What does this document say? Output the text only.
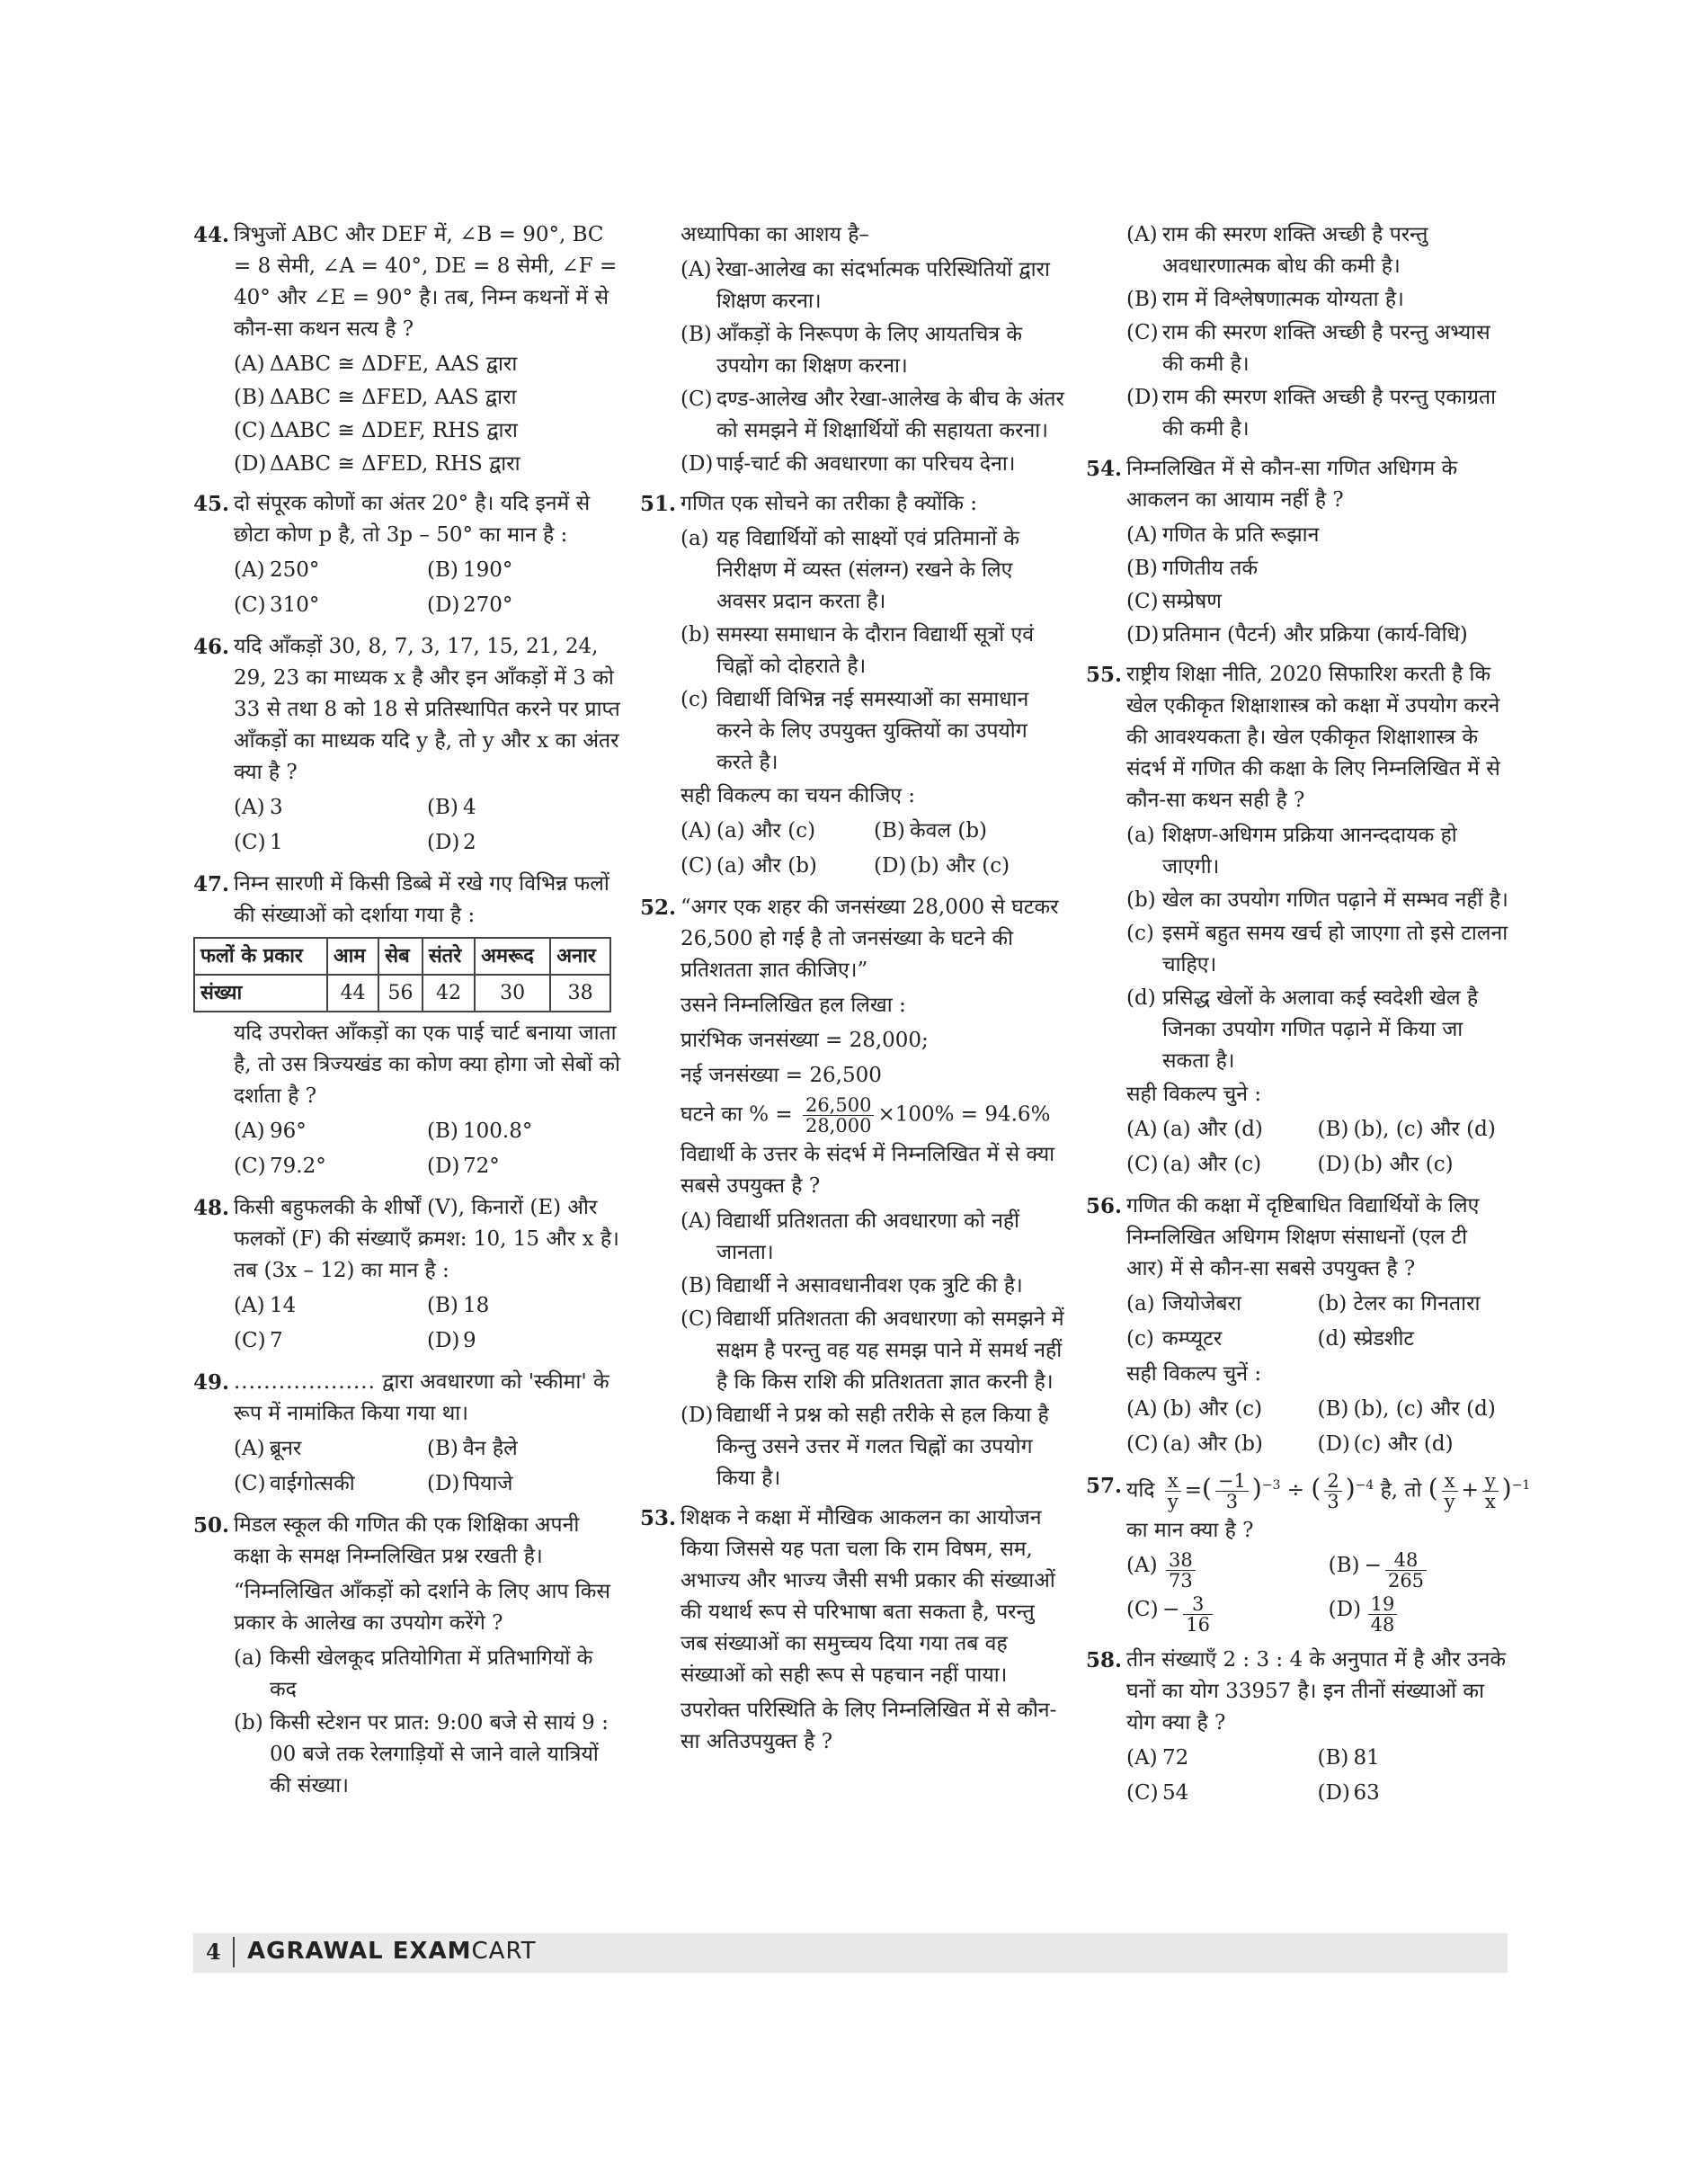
44. त्रिभुजों ABC और DEF में, ∠B = 90°, BC = 8 सेमी, ∠A = 40°, DE = 8 सेमी, ∠F = 40° और ∠E = 90° है। तब, निम्न कथनों में से कौन-सा कथन सत्य है ?
(A) ΔABC ≅ ΔDFE, AAS द्वारा
(B) ΔABC ≅ ΔFED, AAS द्वारा
(C) ΔABC ≅ ΔDEF, RHS द्वारा
(D) ΔABC ≅ ΔFED, RHS द्वारा
45. दो संपूरक कोणों का अंतर 20° है। यदि इनमें से छोटा कोण p है, तो 3p – 50° का मान है :
(A) 250°	(B) 190°
(C) 310°	(D) 270°
46. यदि आँकड़ों 30, 8, 7, 3, 17, 15, 21, 24, 29, 23 का माध्यक x है और इन आँकड़ों में 3 को 33 से तथा 8 को 18 से प्रतिस्थापित करने पर प्राप्त आँकड़ों का माध्यक यदि y है, तो y और x का अंतर क्या है ?
(A) 3	(B) 4
(C) 1	(D) 2
47. निम्न सारणी में किसी डिब्बे में रखे गए विभिन्न फलों की संख्याओं को दर्शाया गया है :
फलों के प्रकार	आम	सेब	संतरे	अमरूद	अनार
संख्या	44	56	42	30	38
यदि उपरोक्त आँकड़ों का एक पाई चार्ट बनाया जाता है, तो उस त्रिज्यखंड का कोण क्या होगा जो सेबों को दर्शाता है ?
(A) 96°	(B) 100.8°
(C) 79.2°	(D) 72°
48. किसी बहुफलकी के शीर्षों (V), किनारों (E) और फलकों (F) की संख्याएँ क्रमश: 10, 15 और x है। तब (3x – 12) का मान है :
(A) 14	(B) 18
(C) 7	(D) 9
49. ................... द्वारा अवधारणा को 'स्कीमा' के रूप में नामांकित किया गया था।
(A) ब्रूनर	(B) वैन हैले
(C) वाईगोत्सकी	(D) पियाजे
50. मिडल स्कूल की गणित की एक शिक्षिका अपनी कक्षा के समक्ष निम्नलिखित प्रश्न रखती है।
“निम्नलिखित आँकड़ों को दर्शाने के लिए आप किस प्रकार के आलेख का उपयोग करेंगे ?
(a) किसी खेलकूद प्रतियोगिता में प्रतिभागियों के कद
(b) किसी स्टेशन पर प्रात: 9:00 बजे से सायं 9 : 00 बजे तक रेलगाड़ियों से जाने वाले यात्रियों की संख्या।
अध्यापिका का आशय है–
(A) रेखा-आलेख का संदर्भात्मक परिस्थितियों द्वारा शिक्षण करना।
(B) आँकड़ों के निरूपण के लिए आयतचित्र के उपयोग का शिक्षण करना।
(C) दण्ड-आलेख और रेखा-आलेख के बीच के अंतर को समझने में शिक्षार्थियों की सहायता करना।
(D) पाई-चार्ट की अवधारणा का परिचय देना।
51. गणित एक सोचने का तरीका है क्योंकि :
(a) यह विद्यार्थियों को साक्ष्यों एवं प्रतिमानों के निरीक्षण में व्यस्त (संलग्न) रखने के लिए अवसर प्रदान करता है।
(b) समस्या समाधान के दौरान विद्यार्थी सूत्रों एवं चिह्नों को दोहराते है।
(c) विद्यार्थी विभिन्न नई समस्याओं का समाधान करने के लिए उपयुक्त युक्तियों का उपयोग करते है।
सही विकल्प का चयन कीजिए :
(A) (a) और (c)	(B) केवल (b)
(C) (a) और (b)	(D) (b) और (c)
52. “अगर एक शहर की जनसंख्या 28,000 से घटकर 26,500 हो गई है तो जनसंख्या के घटने की प्रतिशतता ज्ञात कीजिए।”
उसने निम्नलिखित हल लिखा :
प्रारंभिक जनसंख्या = 28,000;
नई जनसंख्या = 26,500
घटने का % = $\frac{26,500}{28,000} \times 100\% = 94.6\%$
विद्यार्थी के उत्तर के संदर्भ में निम्नलिखित में से क्या सबसे उपयुक्त है ?
(A) विद्यार्थी प्रतिशतता की अवधारणा को नहीं जानता।
(B) विद्यार्थी ने असावधानीवश एक त्रुटि की है।
(C) विद्यार्थी प्रतिशतता की अवधारणा को समझने में सक्षम है परन्तु वह यह समझ पाने में समर्थ नहीं है कि किस राशि की प्रतिशतता ज्ञात करनी है।
(D) विद्यार्थी ने प्रश्न को सही तरीके से हल किया है किन्तु उसने उत्तर में गलत चिह्नों का उपयोग किया है।
53. शिक्षक ने कक्षा में मौखिक आकलन का आयोजन किया जिससे यह पता चला कि राम विषम, सम, अभाज्य और भाज्य जैसी सभी प्रकार की संख्याओं की यथार्थ रूप से परिभाषा बता सकता है, परन्तु जब संख्याओं का समुच्चय दिया गया तब वह संख्याओं को सही रूप से पहचान नहीं पाया।
उपरोक्त परिस्थिति के लिए निम्नलिखित में से कौन-सा अतिउपयुक्त है ?
(A) राम की स्मरण शक्ति अच्छी है परन्तु अवधारणात्मक बोध की कमी है।
(B) राम में विश्लेषणात्मक योग्यता है।
(C) राम की स्मरण शक्ति अच्छी है परन्तु अभ्यास की कमी है।
(D) राम की स्मरण शक्ति अच्छी है परन्तु एकाग्रता की कमी है।
54. निम्नलिखित में से कौन-सा गणित अधिगम के आकलन का आयाम नहीं है ?
(A) गणित के प्रति रूझान
(B) गणितीय तर्क
(C) सम्प्रेषण
(D) प्रतिमान (पैटर्न) और प्रक्रिया (कार्य-विधि)
55. राष्ट्रीय शिक्षा नीति, 2020 सिफारिश करती है कि खेल एकीकृत शिक्षाशास्त्र को कक्षा में उपयोग करने की आवश्यकता है। खेल एकीकृत शिक्षाशास्त्र के संदर्भ में गणित की कक्षा के लिए निम्नलिखित में से कौन-सा कथन सही है ?
(a) शिक्षण-अधिगम प्रक्रिया आनन्ददायक हो जाएगी।
(b) खेल का उपयोग गणित पढ़ाने में सम्भव नहीं है।
(c) इसमें बहुत समय खर्च हो जाएगा तो इसे टालना चाहिए।
(d) प्रसिद्ध खेलों के अलावा कई स्वदेशी खेल है जिनका उपयोग गणित पढ़ाने में किया जा सकता है।
सही विकल्प चुने :
(A) (a) और (d)	(B) (b), (c) और (d)
(C) (a) और (c)	(D) (b) और (c)
56. गणित की कक्षा में दृष्टिबाधित विद्यार्थियों के लिए निम्नलिखित अधिगम शिक्षण संसाधनों (एल टी आर) में से कौन-सा सबसे उपयुक्त है ?
(a) जियोजेबरा	(b) टेलर का गिनतारा
(c) कम्प्यूटर	(d) स्प्रेडशीट
सही विकल्प चुनें :
(A) (b) और (c)	(B) (b), (c) और (d)
(C) (a) और (b)	(D) (c) और (d)
57. यदि $\frac{x}{y}$ =( $\frac{-1}{3} )^{-3}$ ÷ ( $\frac{2}{3} )^{-4}$ है, तो ( $\frac{x}{y} + \frac{y}{x} )^{-1}$
का मान क्या है ?
$(A) \frac{38}{73}$	$(B) - \frac{48}{265}$
$(C) - \frac{3}{16}$	$(D) \frac{19}{48}$
58. तीन संख्याएँ 2 : 3 : 4 के अनुपात में है और उनके घनों का योग 33957 है। इन तीनों संख्याओं का योग क्या है ?
(A) 72	(B) 81
(C) 54	(D) 63
4 AGRAWAL EXAMCART
